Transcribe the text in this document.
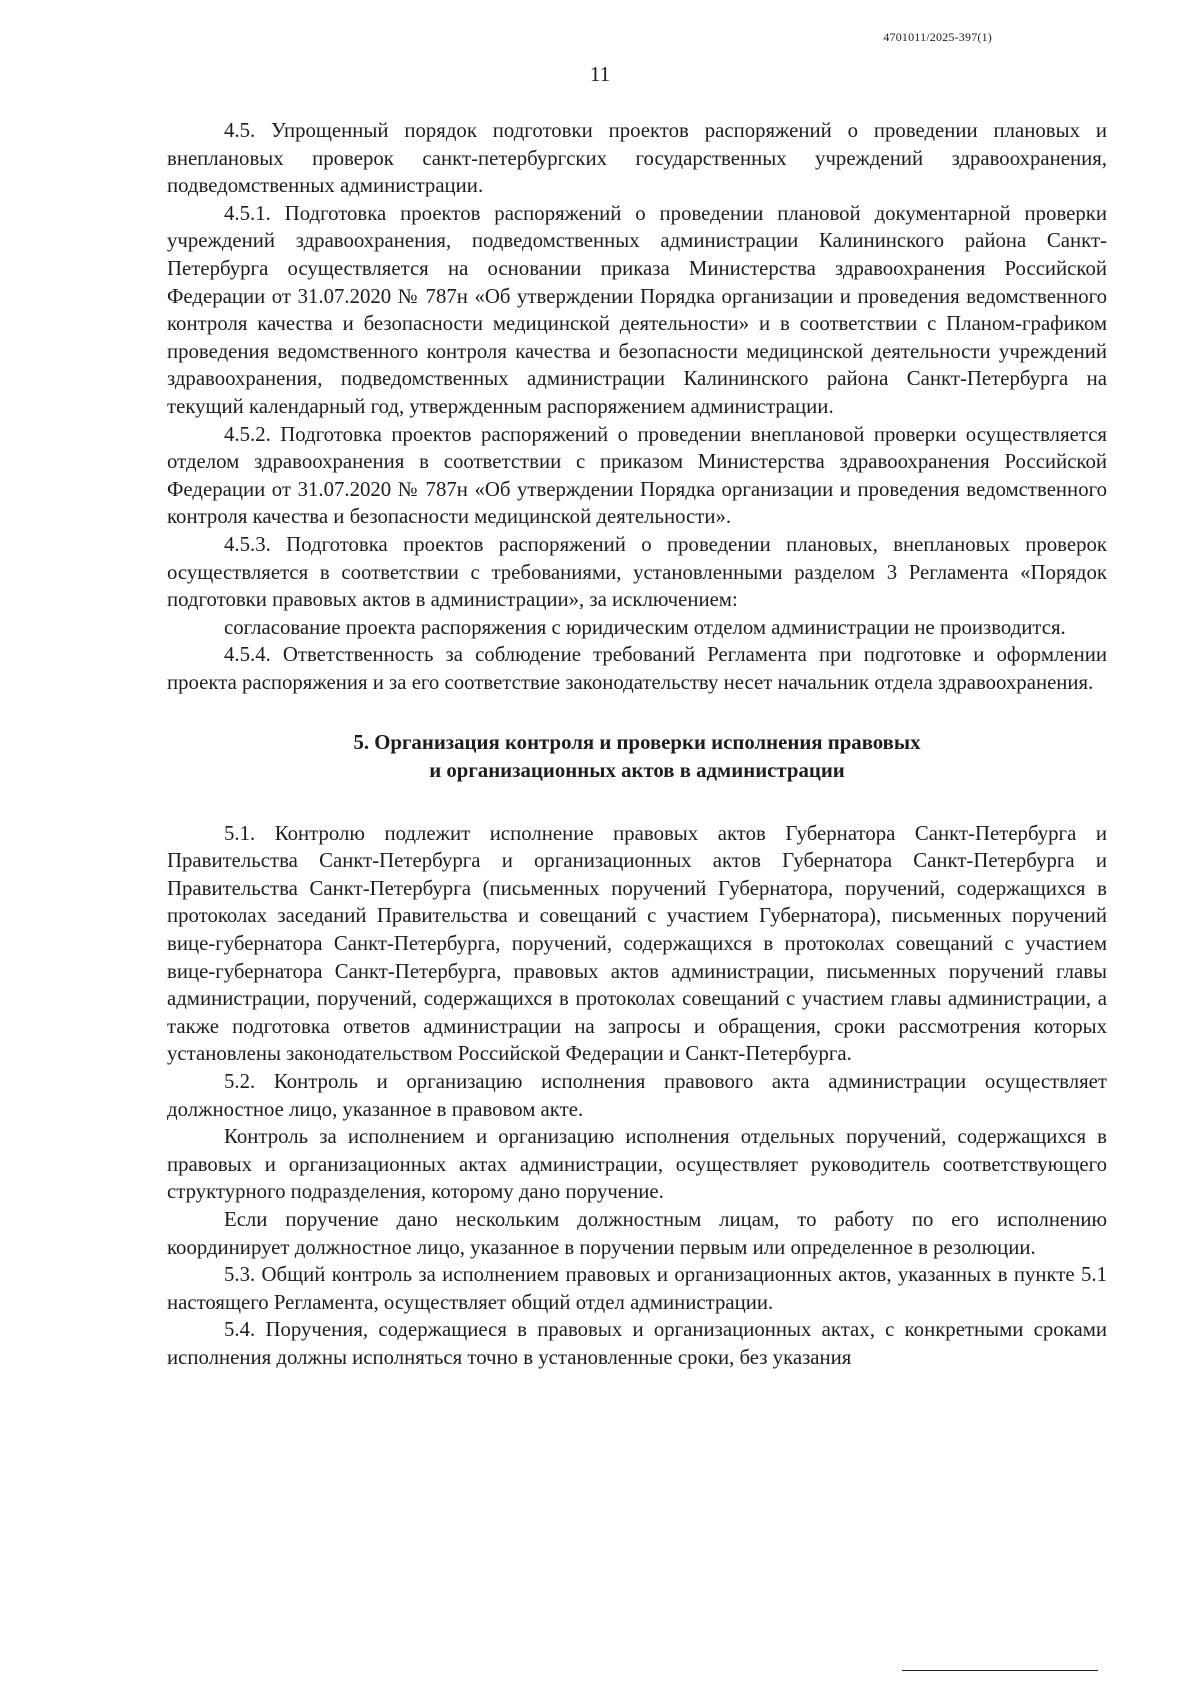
4701011/2025-397(1)
11

4.5. Упрощенный порядок подготовки проектов распоряжений о проведении плановых и внеплановых проверок санкт-петербургских государственных учреждений здравоохранения, подведомственных администрации.

4.5.1. Подготовка проектов распоряжений о проведении плановой документарной проверки учреждений здравоохранения, подведомственных администрации Калининского района Санкт-Петербурга осуществляется на основании приказа Министерства здравоохранения Российской Федерации от 31.07.2020 № 787н «Об утверждении Порядка организации и проведения ведомственного контроля качества и безопасности медицинской деятельности» и в соответствии с Планом-графиком проведения ведомственного контроля качества и безопасности медицинской деятельности учреждений здравоохранения, подведомственных администрации Калининского района Санкт-Петербурга на текущий календарный год, утвержденным распоряжением администрации.

4.5.2. Подготовка проектов распоряжений о проведении внеплановой проверки осуществляется отделом здравоохранения в соответствии с приказом Министерства здравоохранения Российской Федерации от 31.07.2020 № 787н «Об утверждении Порядка организации и проведения ведомственного контроля качества и безопасности медицинской деятельности».

4.5.3. Подготовка проектов распоряжений о проведении плановых, внеплановых проверок осуществляется в соответствии с требованиями, установленными разделом 3 Регламента «Порядок подготовки правовых актов в администрации», за исключением:

согласование проекта распоряжения с юридическим отделом администрации не производится.

4.5.4. Ответственность за соблюдение требований Регламента при подготовке и оформлении проекта распоряжения и за его соответствие законодательству несет начальник отдела здравоохранения.

5. Организация контроля и проверки исполнения правовых
и организационных актов в администрации

5.1. Контролю подлежит исполнение правовых актов Губернатора Санкт-Петербурга и Правительства Санкт-Петербурга и организационных актов Губернатора Санкт-Петербурга и Правительства Санкт-Петербурга (письменных поручений Губернатора, поручений, содержащихся в протоколах заседаний Правительства и совещаний с участием Губернатора), письменных поручений вице-губернатора Санкт-Петербурга, поручений, содержащихся в протоколах совещаний с участием вице-губернатора Санкт-Петербурга, правовых актов администрации, письменных поручений главы администрации, поручений, содержащихся в протоколах совещаний с участием главы администрации, а также подготовка ответов администрации на запросы и обращения, сроки рассмотрения которых установлены законодательством Российской Федерации и Санкт-Петербурга.

5.2. Контроль и организацию исполнения правового акта администрации осуществляет должностное лицо, указанное в правовом акте.

Контроль за исполнением и организацию исполнения отдельных поручений, содержащихся в правовых и организационных актах администрации, осуществляет руководитель соответствующего структурного подразделения, которому дано поручение.

Если поручение дано нескольким должностным лицам, то работу по его исполнению координирует должностное лицо, указанное в поручении первым или определенное в резолюции.

5.3. Общий контроль за исполнением правовых и организационных актов, указанных в пункте 5.1 настоящего Регламента, осуществляет общий отдел администрации.

5.4. Поручения, содержащиеся в правовых и организационных актах, с конкретными сроками исполнения должны исполняться точно в установленные сроки, без указания
